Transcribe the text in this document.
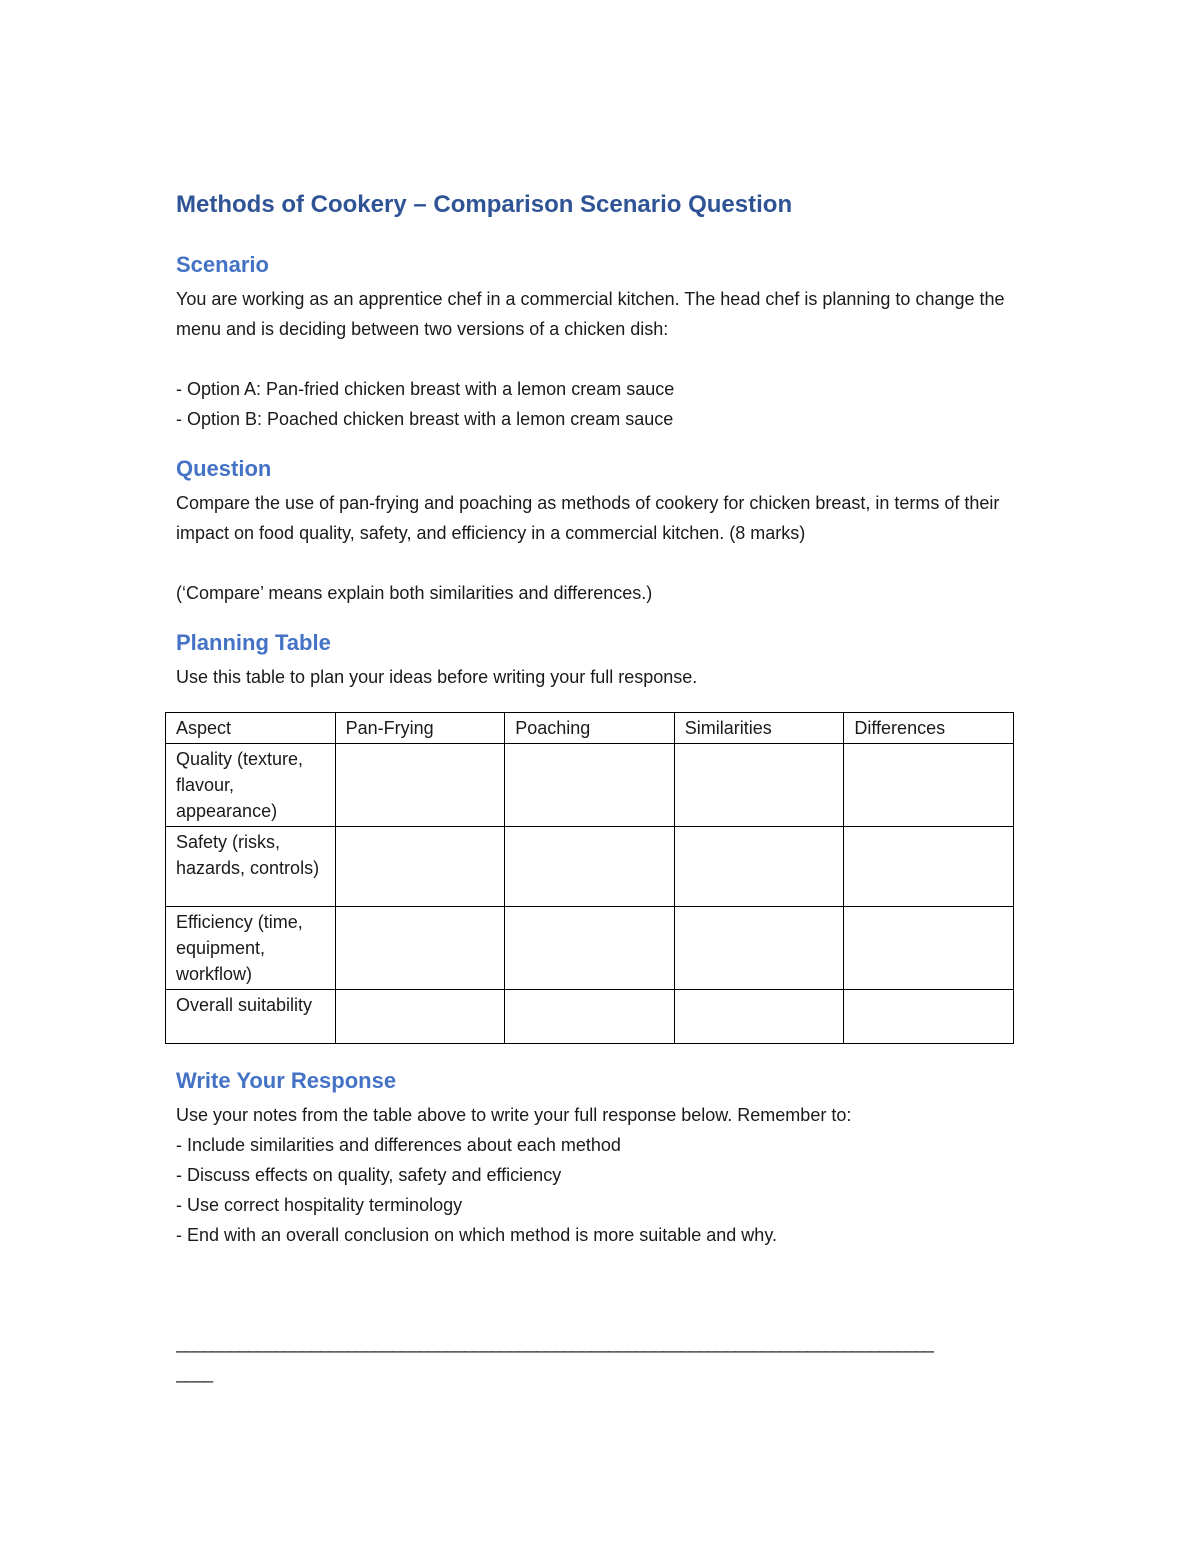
Methods of Cookery – Comparison Scenario Question
Scenario

You are working as an apprentice chef in a commercial kitchen. The head chef is planning to change the menu and is deciding between two versions of a chicken dish:

- Option A: Pan-fried chicken breast with a lemon cream sauce

- Option B: Poached chicken breast with a lemon cream sauce

Question

Compare the use of pan-frying and poaching as methods of cookery for chicken breast, in terms of their impact on food quality, safety, and efficiency in a commercial kitchen. (8 marks)

(‘Compare’ means explain both similarities and differences.)

Planning Table

Use this table to plan your ideas before writing your full response.

Aspect	Pan-Frying	Poaching	Similarities	Differences
Quality (texture, flavour, appearance)				
Safety (risks, hazards, controls)				
Efficiency (time, equipment, workflow)				
Overall suitability				
Write Your Response

Use your notes from the table above to write your full response below. Remember to:

- Include similarities and differences about each method

- Discuss effects on quality, safety and efficiency

- Use correct hospitality terminology

- End with an overall conclusion on which method is more suitable and why.

____________________________________________________________________________________
____
